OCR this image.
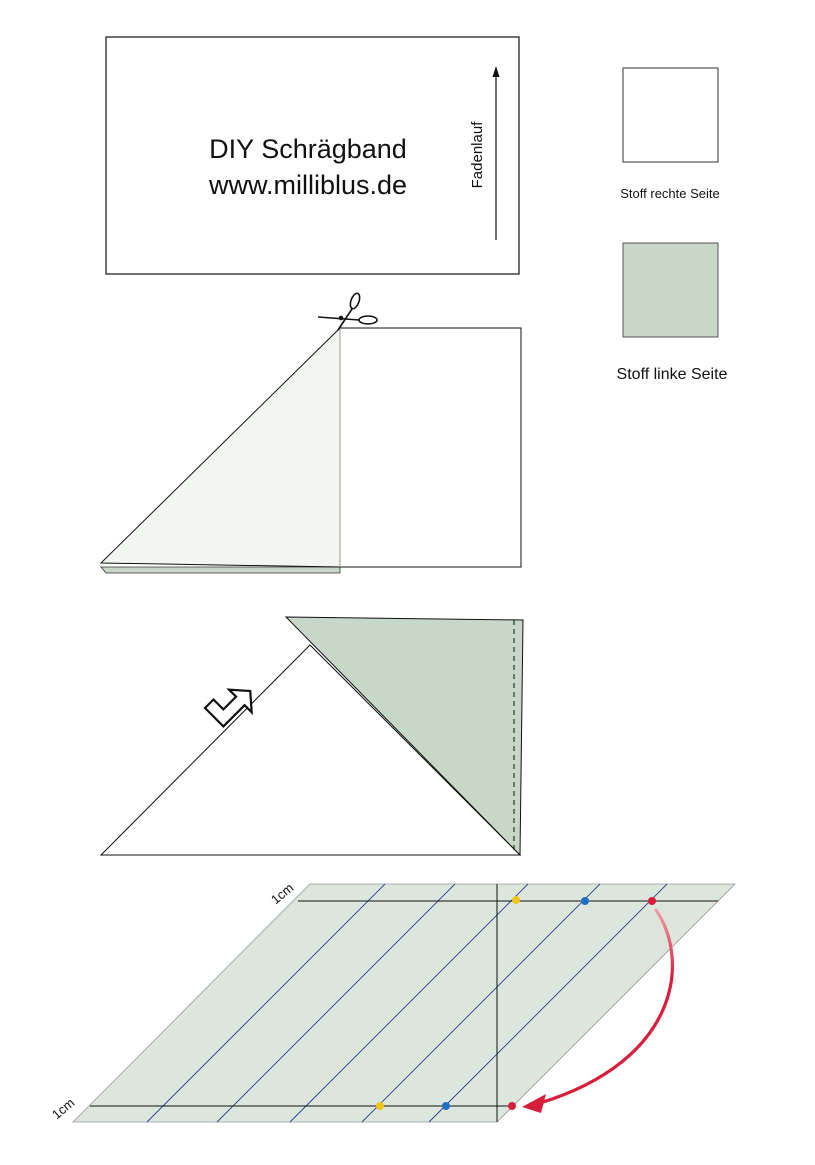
DIY Schrägband
www.milliblus.de	Fadenlauf
Stoff rechte Seite
Stoff linke Seite
1cm
1cm
